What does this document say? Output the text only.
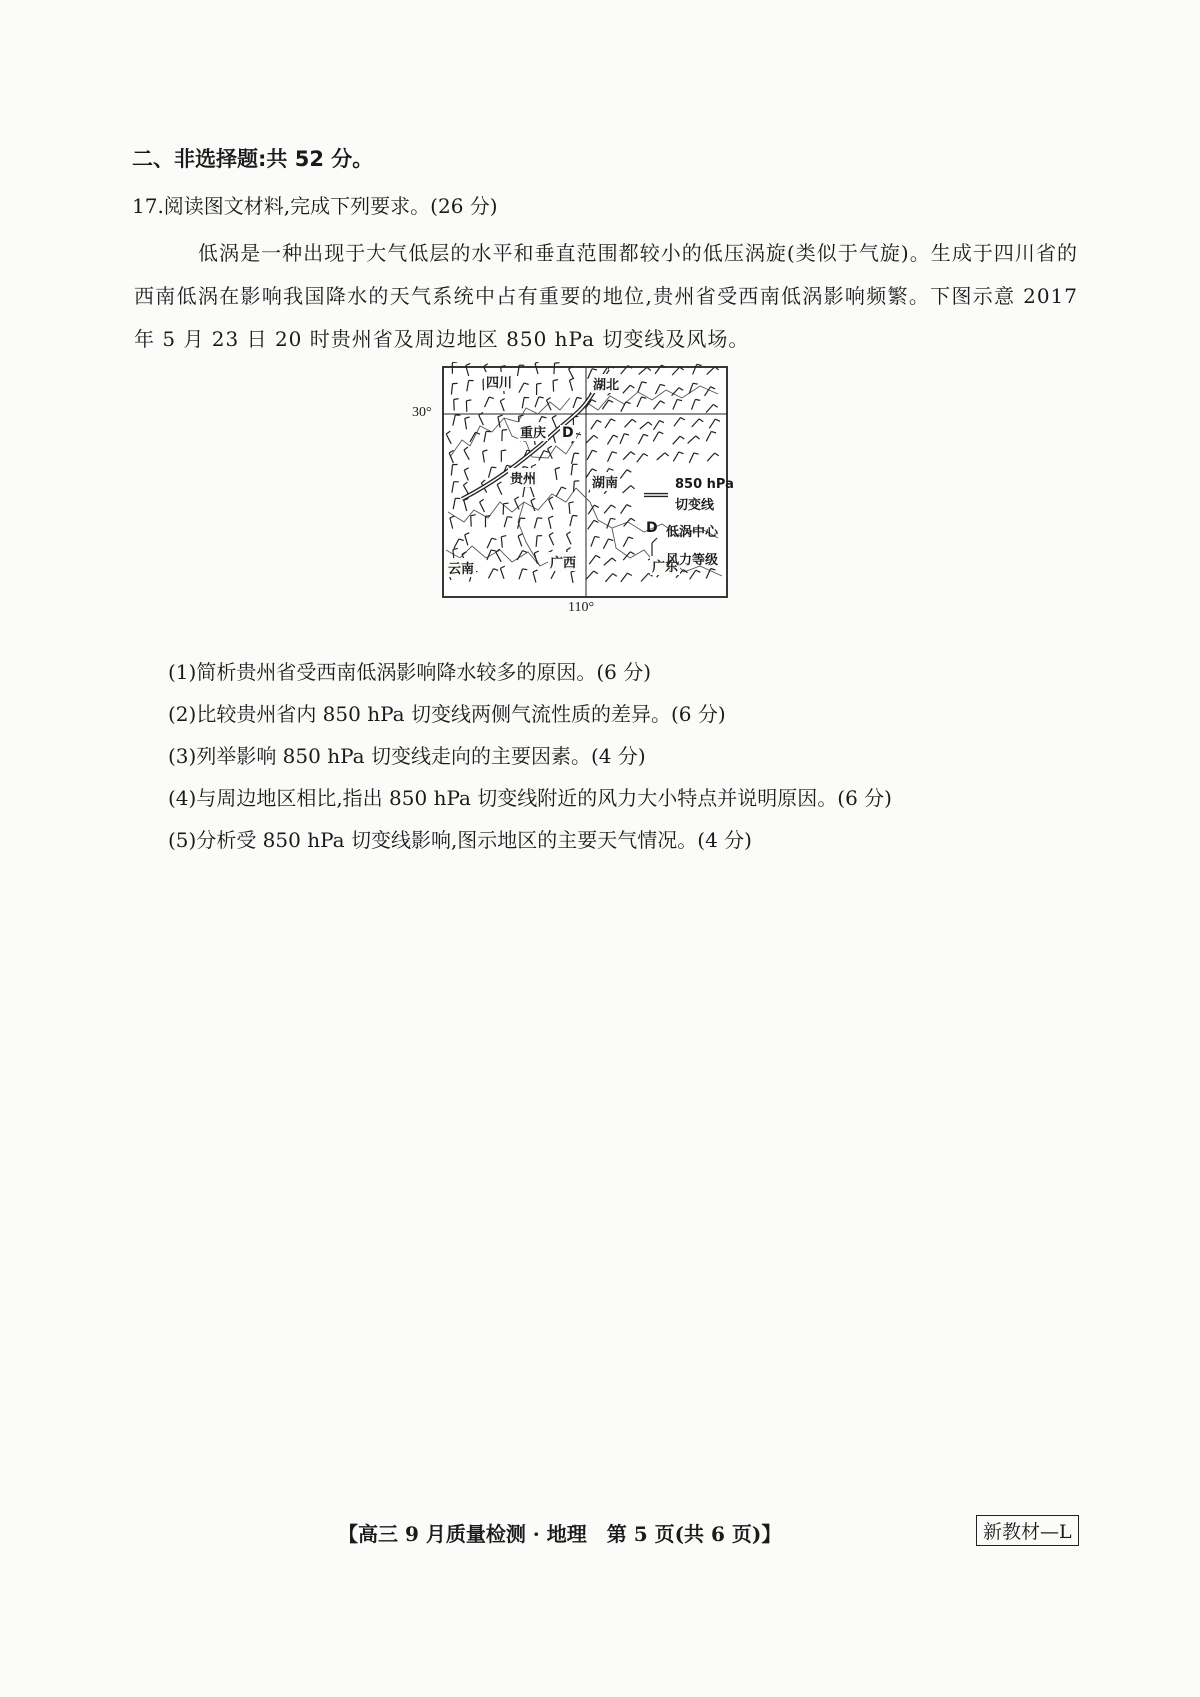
二、非选择题:共 52 分。
17.阅读图文材料,完成下列要求。(26 分)

低涡是一种出现于大气低层的水平和垂直范围都较小的低压涡旋(类似于气旋)。生成于四川省的西南低涡在影响我国降水的天气系统中占有重要的地位,贵州省受西南低涡影响频繁。下图示意 2017 年 5 月 23 日 20 时贵州省及周边地区 850 hPa 切变线及风场。

四川	湖北
重庆 D
贵州	湖南
云南	广西	广东
30°
110°
850 hPa
切变线
D 低涡中心
风力等级
(1)简析贵州省受西南低涡影响降水较多的原因。(6 分)
(2)比较贵州省内 850 hPa 切变线两侧气流性质的差异。(6 分)
(3)列举影响 850 hPa 切变线走向的主要因素。(4 分)
(4)与周边地区相比,指出 850 hPa 切变线附近的风力大小特点并说明原因。(6 分)
(5)分析受 850 hPa 切变线影响,图示地区的主要天气情况。(4 分)
【高三 9 月质量检测 · 地理　第 5 页(共 6 页)】	新教材—L
